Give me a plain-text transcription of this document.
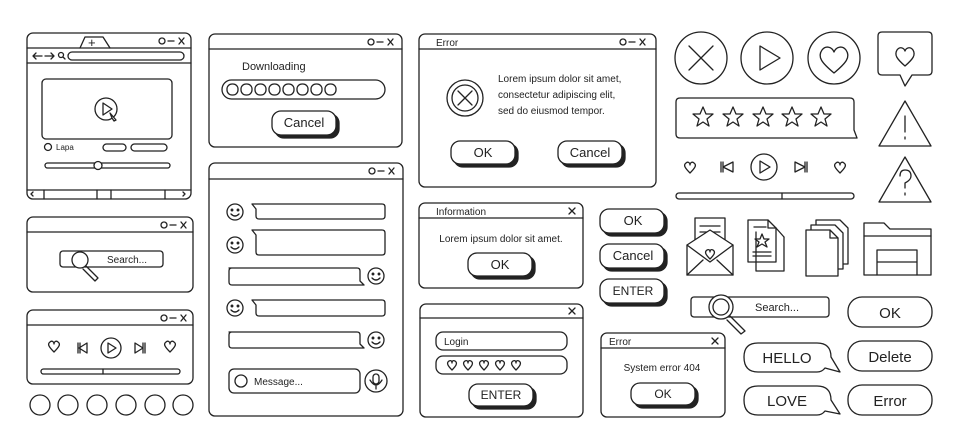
+
Lapa
Search...
Downloading
Cancel
Message...
Error
Lorem ipsum dolor sit amet,
consectetur adipiscing elit,
sed do eiusmod tempor.
OK	Cancel
Information
Lorem ipsum dolor sit amet.
OK
Login
ENTER
OK
Cancel
ENTER
Error
System error 404
OK
Search...	OK
Delete
Error
HELLO
LOVE
